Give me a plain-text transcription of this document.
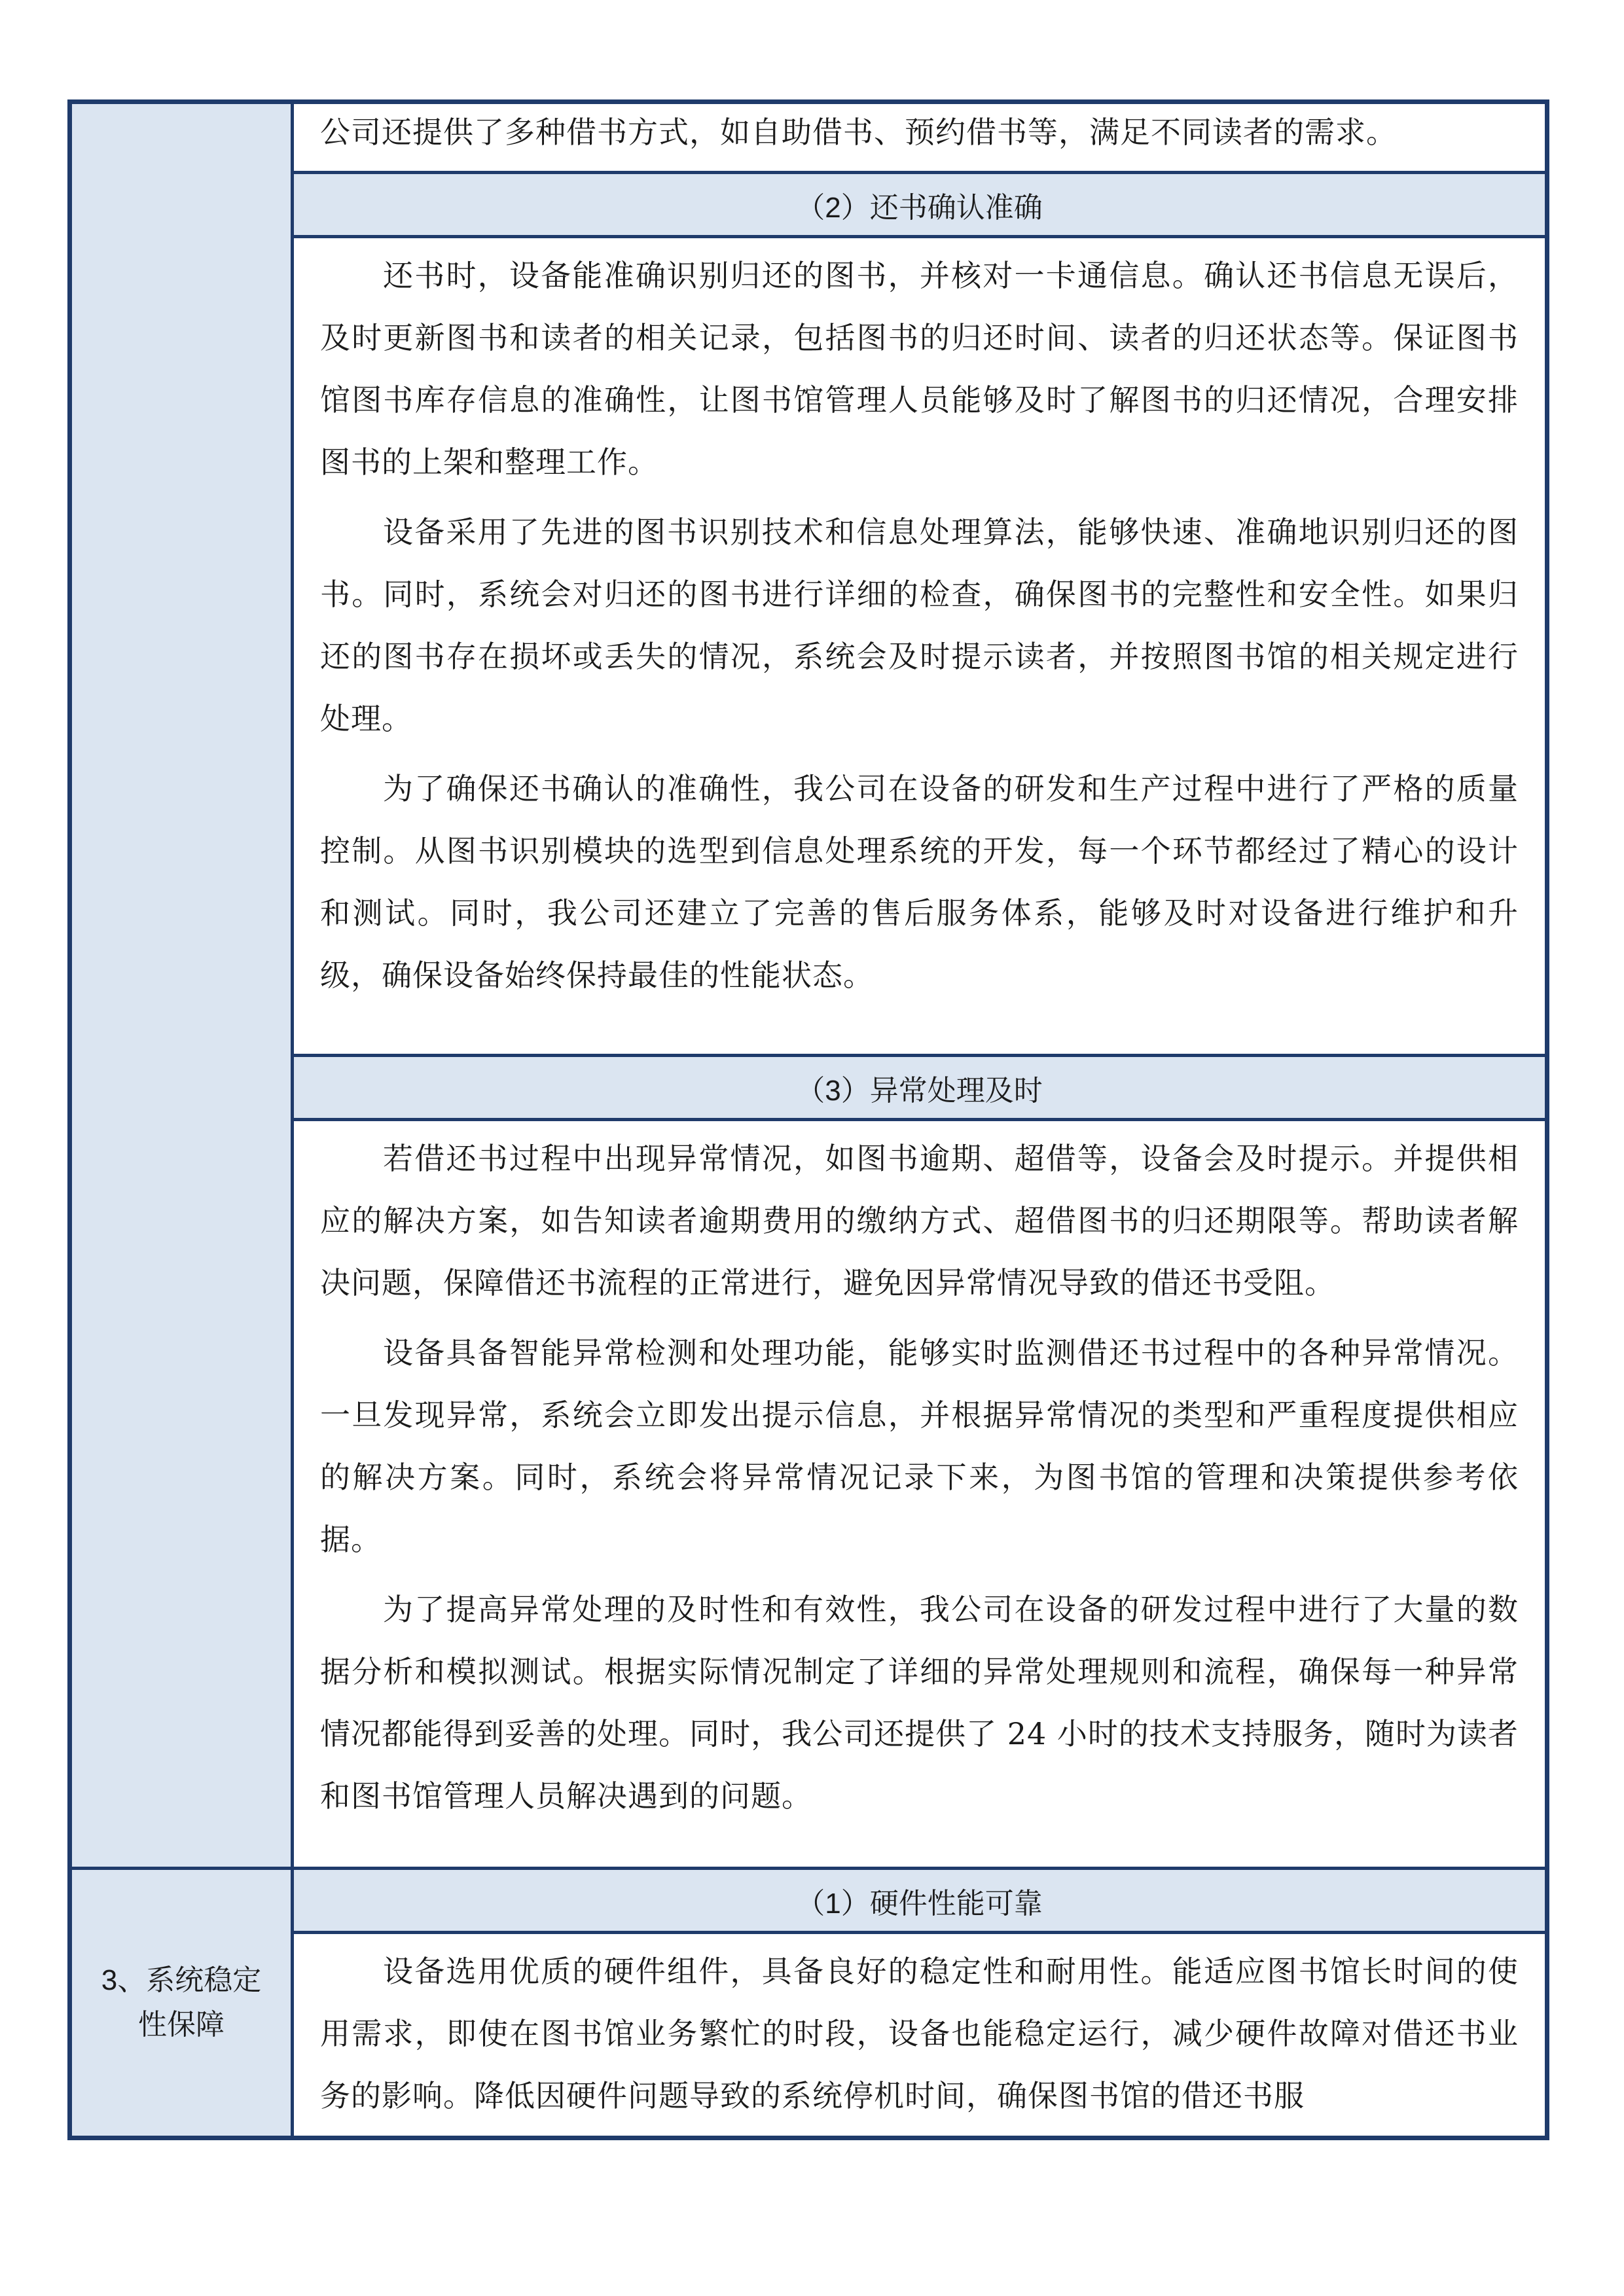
3、系统稳定性保障

公司还提供了多种借书方式，如自助借书、预约借书等，满足不同读者的需求。

（2）还书确认准确

还书时，设备能准确识别归还的图书，并核对一卡通信息。确认还书信息无误后，及时更新图书和读者的相关记录，包括图书的归还时间、读者的归还状态等。保证图书馆图书库存信息的准确性，让图书馆管理人员能够及时了解图书的归还情况，合理安排图书的上架和整理工作。

设备采用了先进的图书识别技术和信息处理算法，能够快速、准确地识别归还的图书。同时，系统会对归还的图书进行详细的检查，确保图书的完整性和安全性。如果归还的图书存在损坏或丢失的情况，系统会及时提示读者，并按照图书馆的相关规定进行处理。

为了确保还书确认的准确性，我公司在设备的研发和生产过程中进行了严格的质量控制。从图书识别模块的选型到信息处理系统的开发，每一个环节都经过了精心的设计和测试。同时，我公司还建立了完善的售后服务体系，能够及时对设备进行维护和升级，确保设备始终保持最佳的性能状态。

（3）异常处理及时

若借还书过程中出现异常情况，如图书逾期、超借等，设备会及时提示。并提供相应的解决方案，如告知读者逾期费用的缴纳方式、超借图书的归还期限等。帮助读者解决问题，保障借还书流程的正常进行，避免因异常情况导致的借还书受阻。

设备具备智能异常检测和处理功能，能够实时监测借还书过程中的各种异常情况。一旦发现异常，系统会立即发出提示信息，并根据异常情况的类型和严重程度提供相应的解决方案。同时，系统会将异常情况记录下来，为图书馆的管理和决策提供参考依据。

为了提高异常处理的及时性和有效性，我公司在设备的研发过程中进行了大量的数据分析和模拟测试。根据实际情况制定了详细的异常处理规则和流程，确保每一种异常情况都能得到妥善的处理。同时，我公司还提供了 24 小时的技术支持服务，随时为读者和图书馆管理人员解决遇到的问题。

（1）硬件性能可靠

设备选用优质的硬件组件，具备良好的稳定性和耐用性。能适应图书馆长时间的使用需求，即使在图书馆业务繁忙的时段，设备也能稳定运行，减少硬件故障对借还书业务的影响。降低因硬件问题导致的系统停机时间，确保图书馆的借还书服
